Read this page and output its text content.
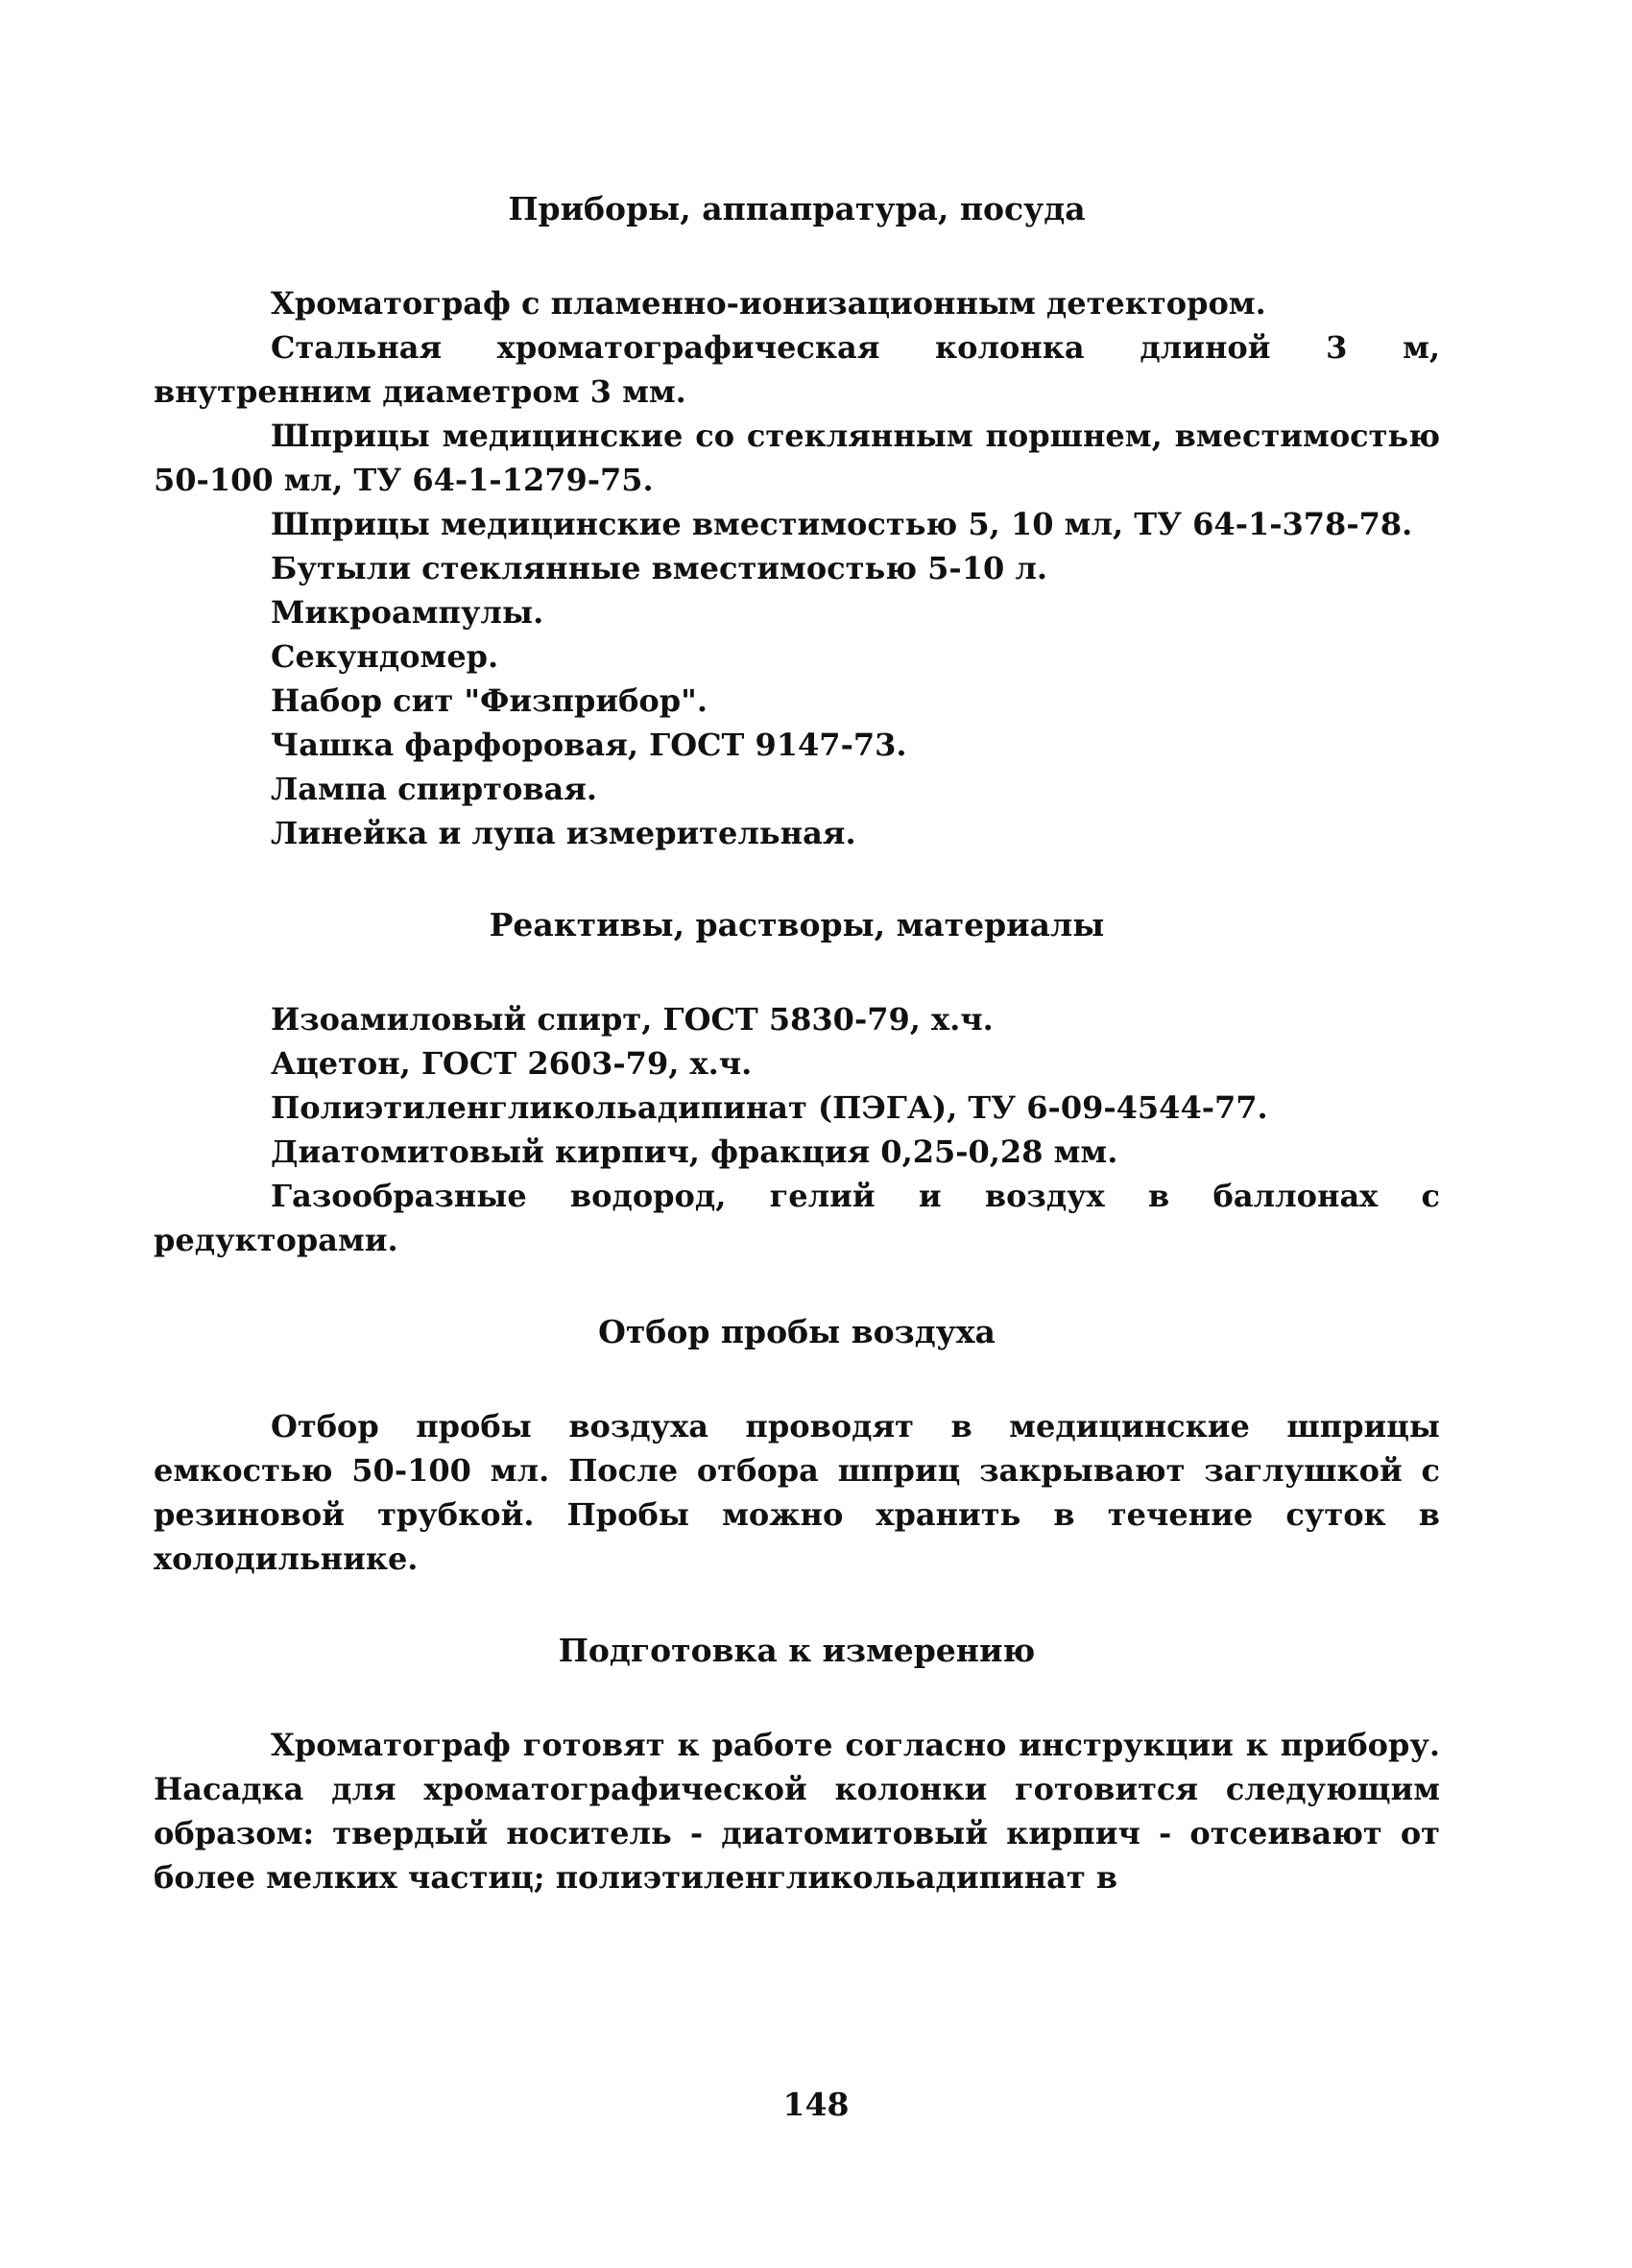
Приборы, аппапратура, посуда

Хроматограф с пламенно-ионизационным детектором.

Стальная хроматографическая колонка длиной 3 м, внутренним диаметром 3 мм.

Шприцы медицинские со стеклянным поршнем, вместимостью 50-100 мл, ТУ 64-1-1279-75.

Шприцы медицинские вместимостью 5, 10 мл, ТУ 64-1-378-78.

Бутыли стеклянные вместимостью 5-10 л.

Микроампулы.

Секундомер.

Набор сит "Физприбор".

Чашка фарфоровая, ГОСТ 9147-73.

Лампа спиртовая.

Линейка и лупа измерительная.

Реактивы, растворы, материалы

Изоамиловый спирт, ГОСТ 5830-79, х.ч.

Ацетон, ГОСТ 2603-79, х.ч.

Полиэтиленгликольадипинат (ПЭГА), ТУ 6-09-4544-77.

Диатомитовый кирпич, фракция 0,25-0,28 мм.

Газообразные водород, гелий и воздух в баллонах с редукторами.

Отбор пробы воздуха

Отбор пробы воздуха проводят в медицинские шприцы емкостью 50-100 мл. После отбора шприц закрывают заглушкой с резиновой трубкой. Пробы можно хранить в течение суток в холодильнике.

Подготовка к измерению

Хроматограф готовят к работе согласно инструкции к прибору. Насадка для хроматографической колонки готовится следующим образом: твердый носитель - диатомитовый кирпич - отсеивают от более мелких частиц; полиэтиленгликольадипинат в

148
